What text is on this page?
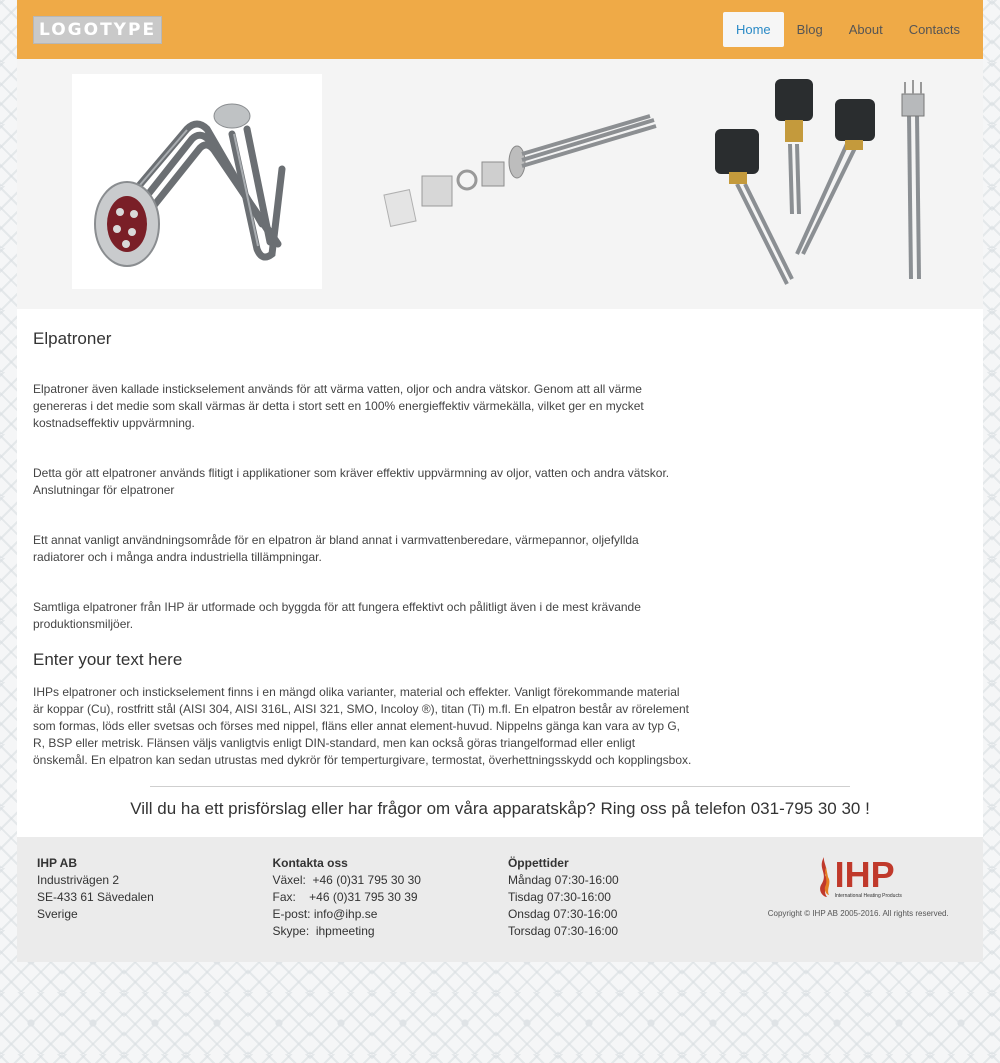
LOGOTYPE	Home	Blog	About	Contacts
Elpatroner

Elpatroner även kallade instickselement används för att värma vatten, oljor och andra vätskor. Genom att all värme genereras i det medie som skall värmas är detta i stort sett en 100% energieffektiv värmekälla, vilket ger en mycket kostnadseffektiv uppvärmning.

Detta gör att elpatroner används flitigt i applikationer som kräver effektiv uppvärmning av oljor, vatten och andra vätskor. Anslutningar för elpatroner

Ett annat vanligt användningsområde för en elpatron är bland annat i varmvattenberedare, värmepannor, oljefyllda radiatorer och i många andra industriella tillämpningar.

Samtliga elpatroner från IHP är utformade och byggda för att fungera effektivt och pålitligt även i de mest krävande produktionsmiljöer.

Enter your text here

IHPs elpatroner och instickselement finns i en mängd olika varianter, material och effekter. Vanligt förekommande material är koppar (Cu), rostfritt stål (AISI 304, AISI 316L, AISI 321, SMO, Incoloy ®), titan (Ti) m.fl. En elpatron består av rörelement som formas, löds eller svetsas och förses med nippel, fläns eller annat element-huvud. Nippelns gänga kan vara av typ G, R, BSP eller metrisk. Flänsen väljs vanligtvis enligt DIN-standard, men kan också göras triangelformad eller enligt önskemål. En elpatron kan sedan utrustas med dykrör för temperturgivare, termostat, överhettningsskydd och kopplingsbox.

Vill du ha ett prisförslag eller har frågor om våra apparatskåp? Ring oss på telefon 031-795 30 30 !
IHP AB
Industrivägen 2
SE-433 61 Sävedalen
Sverige
Kontakta oss
Växel:  +46 (0)31 795 30 30
Fax:    +46 (0)31 795 30 39
E-post: info@ihp.se
Skype:  ihpmeeting
Öppettider
Måndag 07:30-16:00
Tisdag 07:30-16:00
Onsdag 07:30-16:00
Torsdag 07:30-16:00
IHP
International Heating Products
Copyright © IHP AB 2005-2016. All rights reserved.
